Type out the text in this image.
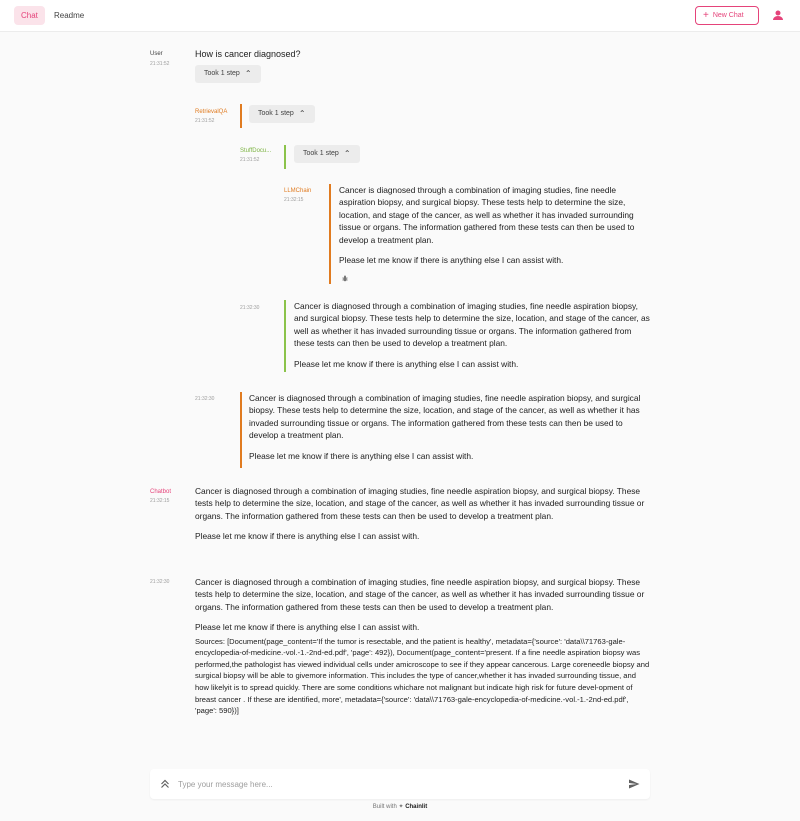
Chat	Readme	+ New Chat
User
21:31:52
How is cancer diagnosed?
Took 1 step ⌃
RetrievalQA
21:31:52
Took 1 step ⌃
StuffDocu...
21:31:52
Took 1 step ⌃
LLMChain
21:32:15

Cancer is diagnosed through a combination of imaging studies, fine needle aspiration biopsy, and surgical biopsy. These tests help to determine the size, location, and stage of the cancer, as well as whether it has invaded surrounding tissue or organs. The information gathered from these tests can then be used to develop a treatment plan.

Please let me know if there is anything else I can assist with.

21:32:30	Cancer is diagnosed through a combination of imaging studies, fine needle aspiration biopsy, and surgical biopsy. These tests help to determine the size, location, and stage of the cancer, as well as whether it has invaded surrounding tissue or organs. The information gathered from these tests can then be used to develop a treatment plan.

Please let me know if there is anything else I can assist with.

21:32:30	Cancer is diagnosed through a combination of imaging studies, fine needle aspiration biopsy, and surgical biopsy. These tests help to determine the size, location, and stage of the cancer, as well as whether it has invaded surrounding tissue or organs. The information gathered from these tests can then be used to develop a treatment plan.

Please let me know if there is anything else I can assist with.

Chatbot
21:32:15

Cancer is diagnosed through a combination of imaging studies, fine needle aspiration biopsy, and surgical biopsy. These tests help to determine the size, location, and stage of the cancer, as well as whether it has invaded surrounding tissue or organs. The information gathered from these tests can then be used to develop a treatment plan.

Please let me know if there is anything else I can assist with.

21:32:30	Cancer is diagnosed through a combination of imaging studies, fine needle aspiration biopsy, and surgical biopsy. These tests help to determine the size, location, and stage of the cancer, as well as whether it has invaded surrounding tissue or organs. The information gathered from these tests can then be used to develop a treatment plan.

Please let me know if there is anything else I can assist with.

Sources: [Document(page_content='If the tumor is resectable, and the patient is healthy', metadata={'source': 'data\\71763-gale-encyclopedia-of-medicine.-vol.-1.-2nd-ed.pdf', 'page': 492}), Document(page_content='present. If a fine needle aspiration biopsy was performed,the pathologist has viewed individual cells under amicroscope to see if they appear cancerous. Large coreneedle biopsy and surgical biopsy will be able to givemore information. This includes the type of cancer,whether it has invaded surrounding tissue, and how likelyit is to spread quickly. There are some conditions whichare not malignant but indicate high risk for future devel-opment of breast cancer . If these are identified, more', metadata={'source': 'data\\71763-gale-encyclopedia-of-medicine.-vol.-1.-2nd-ed.pdf', 'page': 590})]

Type your message here...
Built with ✦ Chainlit
